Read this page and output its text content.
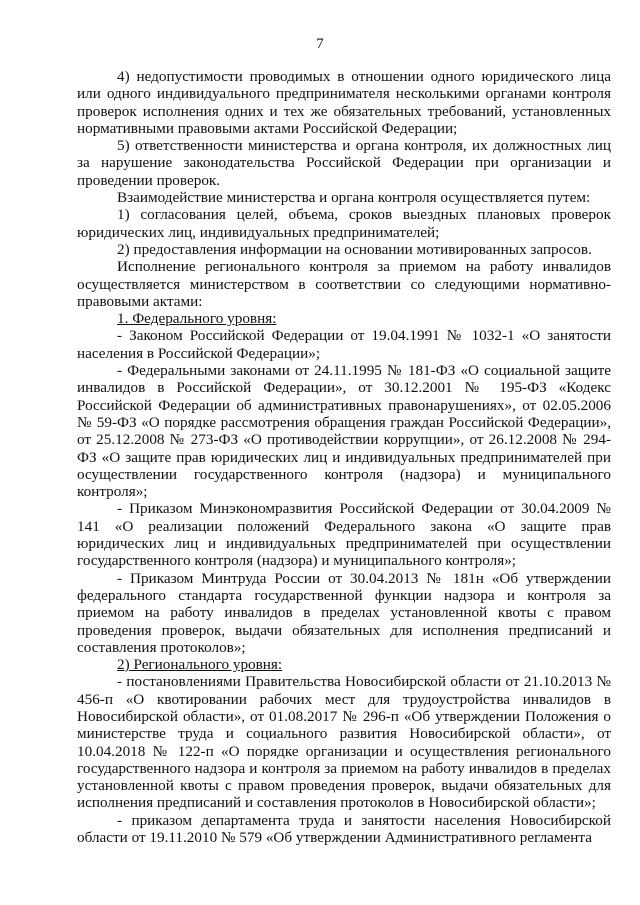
7

4) недопустимости проводимых в отношении одного юридического лица или одного индивидуального предпринимателя несколькими органами контроля проверок исполнения одних и тех же обязательных требований, установленных нормативными правовыми актами Российской Федерации;

5) ответственности министерства и органа контроля, их должностных лиц за нарушение законодательства Российской Федерации при организации и проведении проверок.

Взаимодействие министерства и органа контроля осуществляется путем:

1) согласования целей, объема, сроков выездных плановых проверок юридических лиц, индивидуальных предпринимателей;

2) предоставления информации на основании мотивированных запросов.

Исполнение регионального контроля за приемом на работу инвалидов осуществляется министерством в соответствии со следующими нормативно-правовыми актами:

1. Федерального уровня:

- Законом Российской Федерации от 19.04.1991 № 1032-1 «О занятости населения в Российской Федерации»;

- Федеральными законами от 24.11.1995 № 181-ФЗ «О социальной защите инвалидов в Российской Федерации», от 30.12.2001 № 195-ФЗ «Кодекс Российской Федерации об административных правонарушениях», от 02.05.2006 № 59-ФЗ «О порядке рассмотрения обращения граждан Российской Федерации», от 25.12.2008 № 273-ФЗ «О противодействии коррупции», от 26.12.2008 № 294-ФЗ «О защите прав юридических лиц и индивидуальных предпринимателей при осуществлении государственного контроля (надзора) и муниципального контроля»;

- Приказом Минэкономразвития Российской Федерации от 30.04.2009 № 141 «О реализации положений Федерального закона «О защите прав юридических лиц и индивидуальных предпринимателей при осуществлении государственного контроля (надзора) и муниципального контроля»;

- Приказом Минтруда России от 30.04.2013 № 181н «Об утверждении федерального стандарта государственной функции надзора и контроля за приемом на работу инвалидов в пределах установленной квоты с правом проведения проверок, выдачи обязательных для исполнения предписаний и составления протоколов»;

2) Регионального уровня:

- постановлениями Правительства Новосибирской области от 21.10.2013 № 456-п «О квотировании рабочих мест для трудоустройства инвалидов в Новосибирской области», от 01.08.2017 № 296-п «Об утверждении Положения о министерстве труда и социального развития Новосибирской области», от 10.04.2018 № 122-п «О порядке организации и осуществления регионального государственного надзора и контроля за приемом на работу инвалидов в пределах установленной квоты с правом проведения проверок, выдачи обязательных для исполнения предписаний и составления протоколов в Новосибирской области»;

- приказом департамента труда и занятости населения Новосибирской области от 19.11.2010 № 579 «Об утверждении Административного регламента
